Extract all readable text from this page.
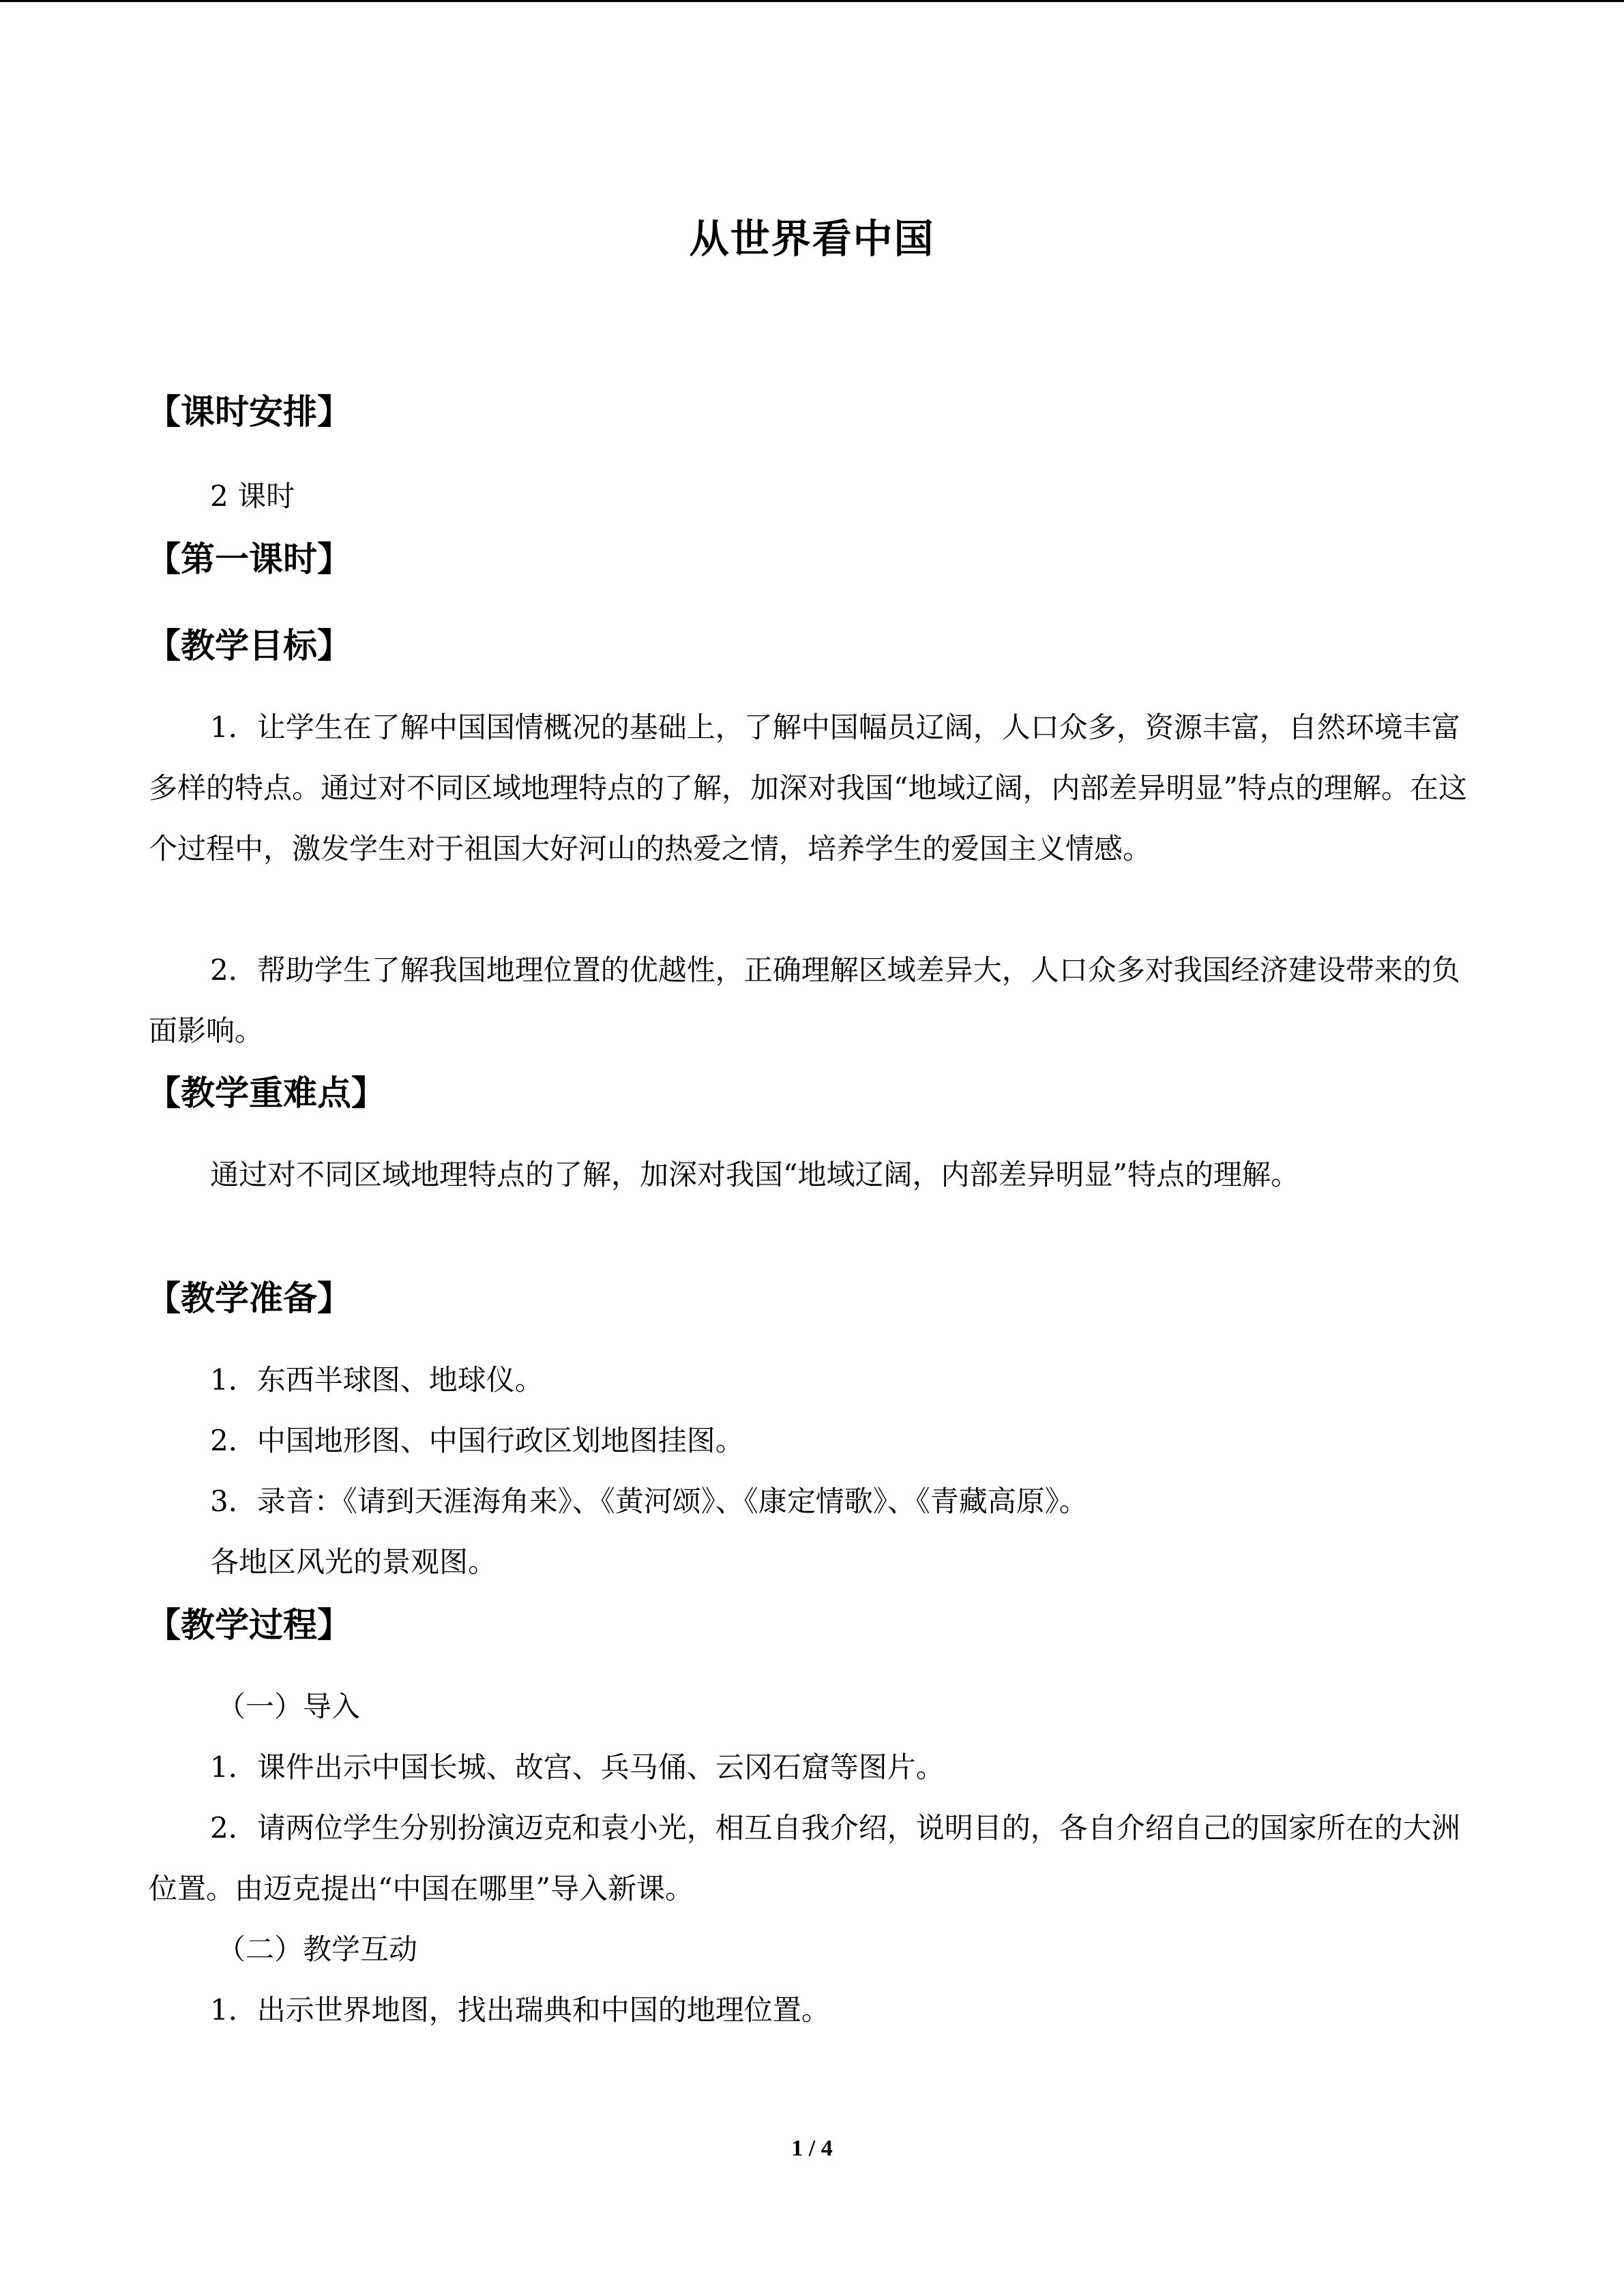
从世界看中国
【课时安排】
2 课时
【第一课时】
【教学目标】
1．让学生在了解中国国情概况的基础上，了解中国幅员辽阔，人口众多，资源丰富，自然环境丰富多样的特点。通过对不同区域地理特点的了解，加深对我国“地域辽阔，内部差异明显”特点的理解。在这个过程中，激发学生对于祖国大好河山的热爱之情，培养学生的爱国主义情感。
2．帮助学生了解我国地理位置的优越性，正确理解区域差异大，人口众多对我国经济建设带来的负面影响。
【教学重难点】
通过对不同区域地理特点的了解，加深对我国“地域辽阔，内部差异明显”特点的理解。
【教学准备】
1．东西半球图、地球仪。
2．中国地形图、中国行政区划地图挂图。
3．录音：《请到天涯海角来》、《黄河颂》、《康定情歌》、《青藏高原》。
各地区风光的景观图。
【教学过程】
（一）导入
1．课件出示中国长城、故宫、兵马俑、云冈石窟等图片。
2．请两位学生分别扮演迈克和袁小光，相互自我介绍，说明目的，各自介绍自己的国家所在的大洲位置。由迈克提出“中国在哪里”导入新课。
（二）教学互动
1．出示世界地图，找出瑞典和中国的地理位置。
1 / 4
